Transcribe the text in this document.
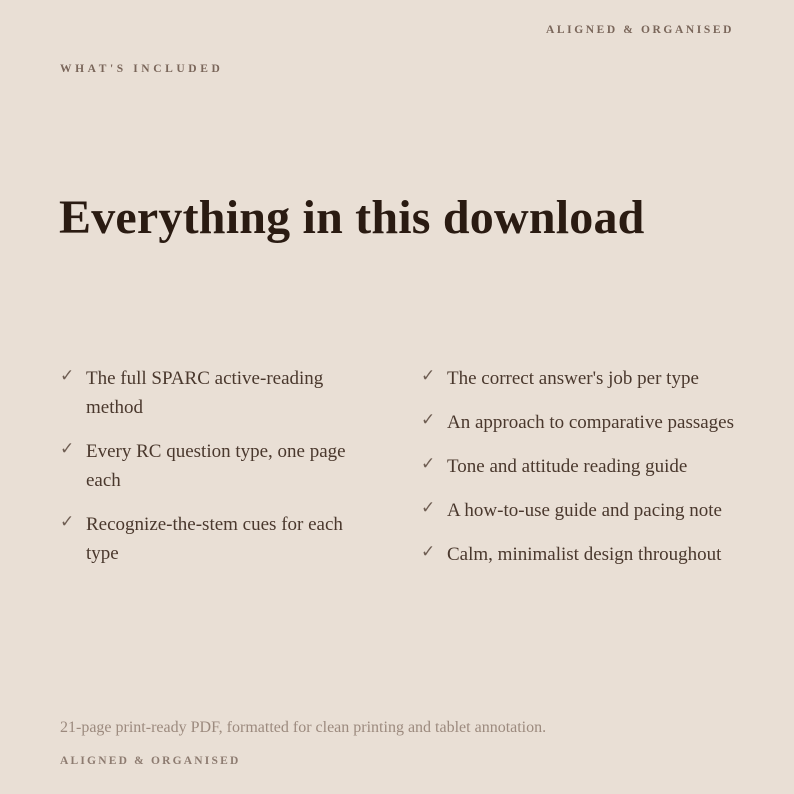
ALIGNED & ORGANISED
WHAT'S INCLUDED
Everything in this download
✓ The full SPARC active-reading method
✓ Every RC question type, one page each
✓ Recognize-the-stem cues for each type
✓ The correct answer's job per type
✓ An approach to comparative passages
✓ Tone and attitude reading guide
✓ A how-to-use guide and pacing note
✓ Calm, minimalist design throughout
21-page print-ready PDF, formatted for clean printing and tablet annotation.
ALIGNED & ORGANISED
